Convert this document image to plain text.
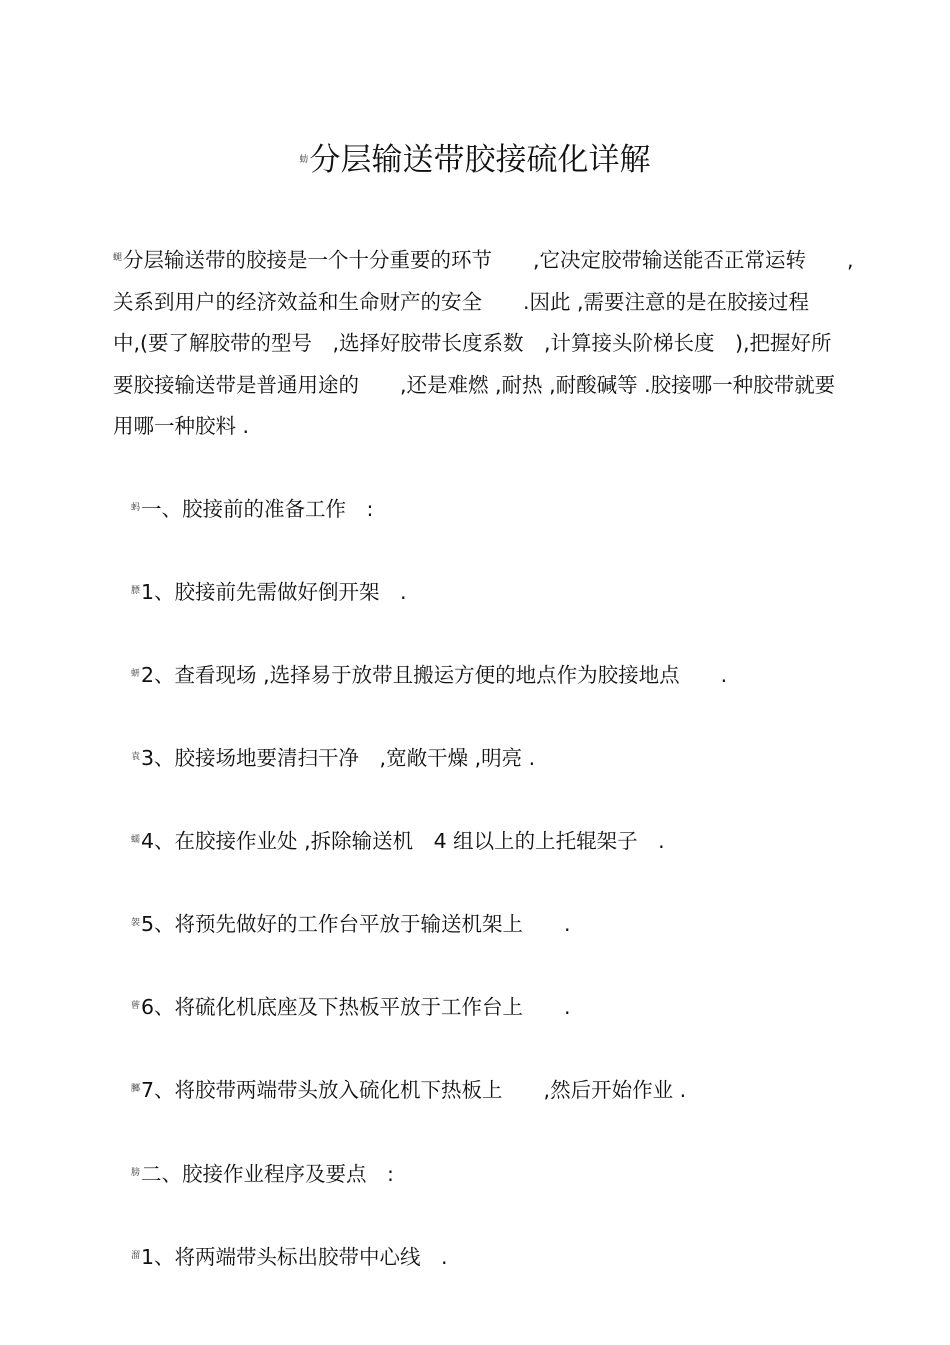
蚄分层输送带胶接硫化详解
螁分层输送带的胶接是一个十分重要的环节　　,它决定胶带输送能否正常运转　　,
关系到用户的经济效益和生命财产的安全　　.因此 ,需要注意的是在胶接过程
中,(要了解胶带的型号　,选择好胶带长度系数　,计算接头阶梯长度　),把握好所
要胶接输送带是普通用途的　　,还是难燃 ,耐热 ,耐酸碱等 .胶接哪一种胶带就要
用哪一种胶料 .
蚂一、胶接前的准备工作　:
膘1、胶接前先需做好倒开架　.
蚈2、查看现场 ,选择易于放带且搬运方便的地点作为胶接地点　　.
袁3、胶接场地要清扫干净　,宽敞干燥 ,明亮 .
蠕4、在胶接作业处 ,拆除输送机　4 组以上的上托辊架子　.
袈5、将预先做好的工作台平放于输送机架上　　.
蒈6、将硫化机底座及下热板平放于工作台上　　.
膷7、将胶带两端带头放入硫化机下热板上　　,然后开始作业 .
膀二、胶接作业程序及要点　:
溜1、将两端带头标出胶带中心线　.
